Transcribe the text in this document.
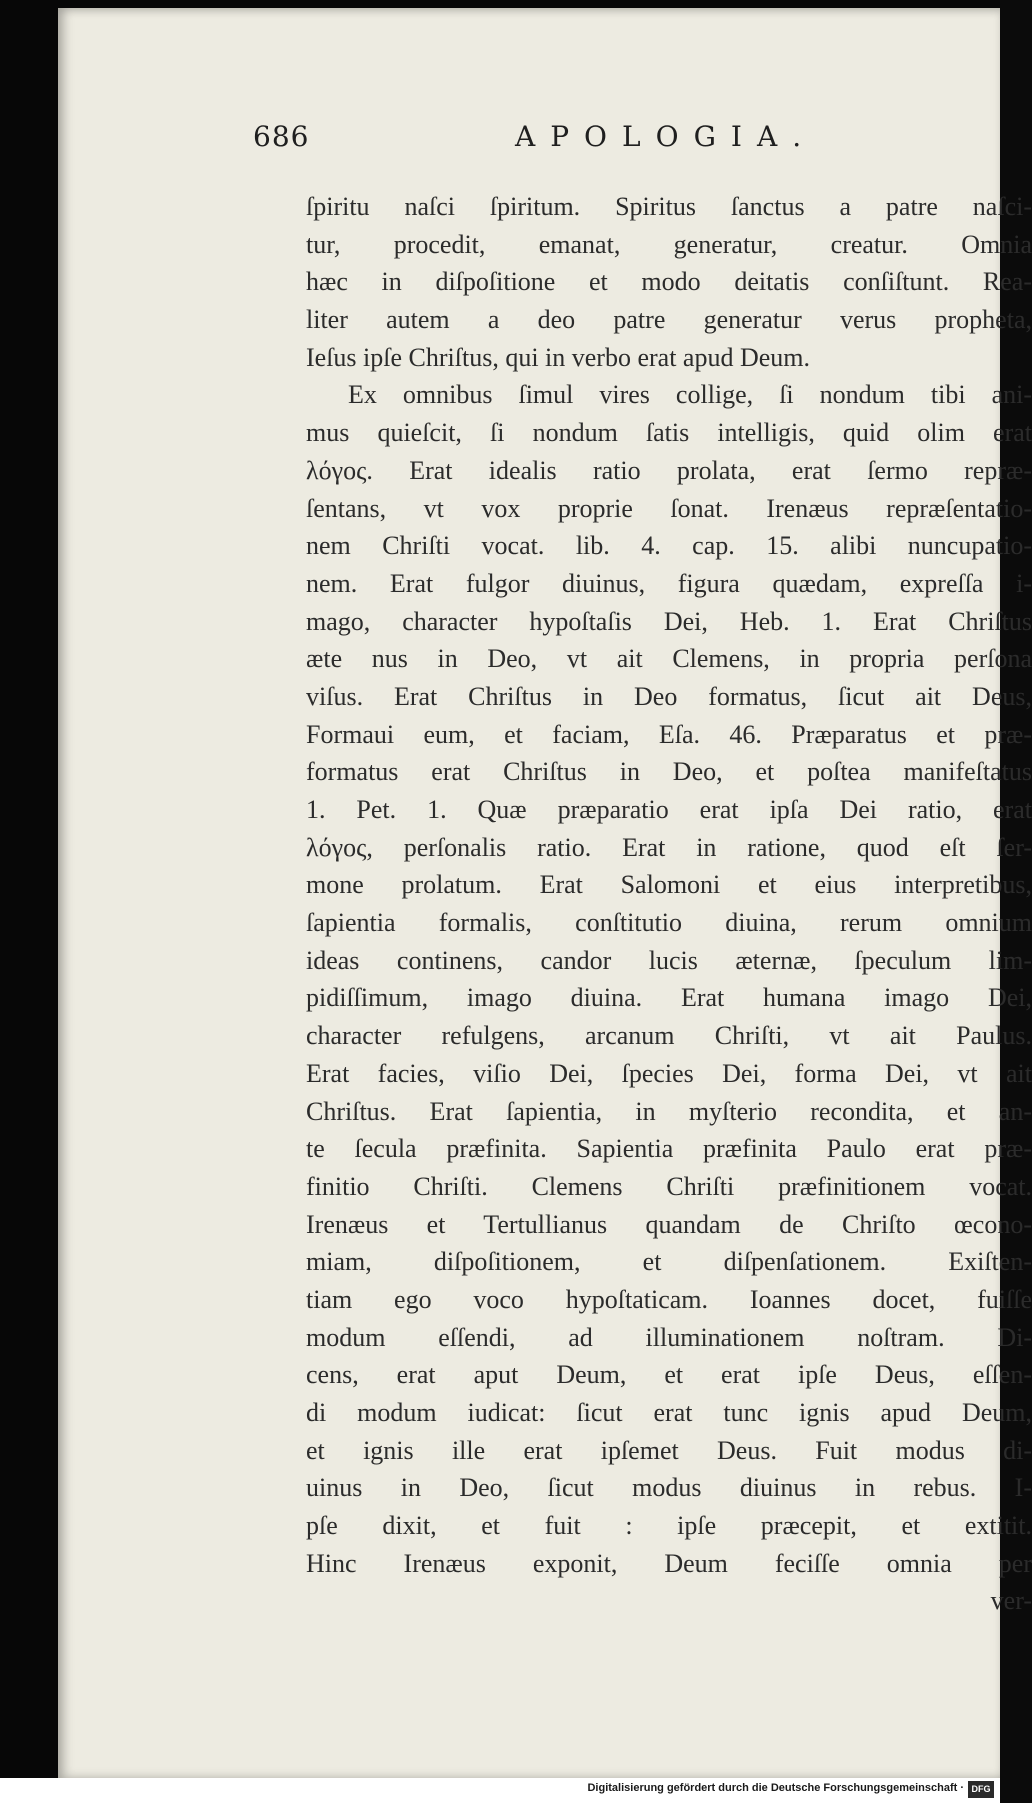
686	APOLOGIA.
ſpiritu naſci ſpiritum. Spiritus ſanctus a patre naſci-
tur, procedit, emanat, generatur, creatur. Omnia
hæc in diſpoſitione et modo deitatis conſiſtunt. Rea-
liter autem a deo patre generatur verus propheta,
Ieſus ipſe Chriſtus, qui in verbo erat apud Deum.
Ex omnibus ſimul vires collige, ſi nondum tibi ani-
mus quieſcit, ſi nondum ſatis intelligis, quid olim erat
λόγος. Erat idealis ratio prolata, erat ſermo repræ-
ſentans, vt vox proprie ſonat. Irenæus repræſentatio-
nem Chriſti vocat. lib. 4. cap. 15. alibi nuncupatio-
nem. Erat fulgor diuinus, figura quædam, expreſſa i-
mago, character hypoſtaſis Dei, Heb. 1. Erat Chriſtus
æte nus in Deo, vt ait Clemens, in propria perſona
viſus. Erat Chriſtus in Deo formatus, ſicut ait Deus,
Formaui eum, et faciam, Eſa. 46. Præparatus et præ-
formatus erat Chriſtus in Deo, et poſtea manifeſtatus
1. Pet. 1. Quæ præparatio erat ipſa Dei ratio, erat
λόγος, perſonalis ratio. Erat in ratione, quod eſt ſer-
mone prolatum. Erat Salomoni et eius interpretibus,
ſapientia formalis, conſtitutio diuina, rerum omnium
ideas continens, candor lucis æternæ, ſpeculum lim-
pidiſſimum, imago diuina. Erat humana imago Dei,
character refulgens, arcanum Chriſti, vt ait Paulus.
Erat facies, viſio Dei, ſpecies Dei, forma Dei, vt ait
Chriſtus. Erat ſapientia, in myſterio recondita, et an-
te ſecula præfinita. Sapientia præfinita Paulo erat præ-
finitio Chriſti. Clemens Chriſti præfinitionem vocat.
Irenæus et Tertullianus quandam de Chriſto œcono-
miam, diſpoſitionem, et diſpenſationem. Exiſten-
tiam ego voco hypoſtaticam. Ioannes docet, fuiſſe
modum eſſendi, ad illuminationem noſtram. Di-
cens, erat aput Deum, et erat ipſe Deus, eſſen-
di modum iudicat: ſicut erat tunc ignis apud Deum,
et ignis ille erat ipſemet Deus. Fuit modus di-
uinus in Deo, ſicut modus diuinus in rebus. I-
pſe dixit, et fuit : ipſe præcepit, et extitit.
Hinc Irenæus exponit, Deum feciſſe omnia per
ver-
Digitalisierung gefördert durch die Deutsche Forschungsgemeinschaft · DFG
